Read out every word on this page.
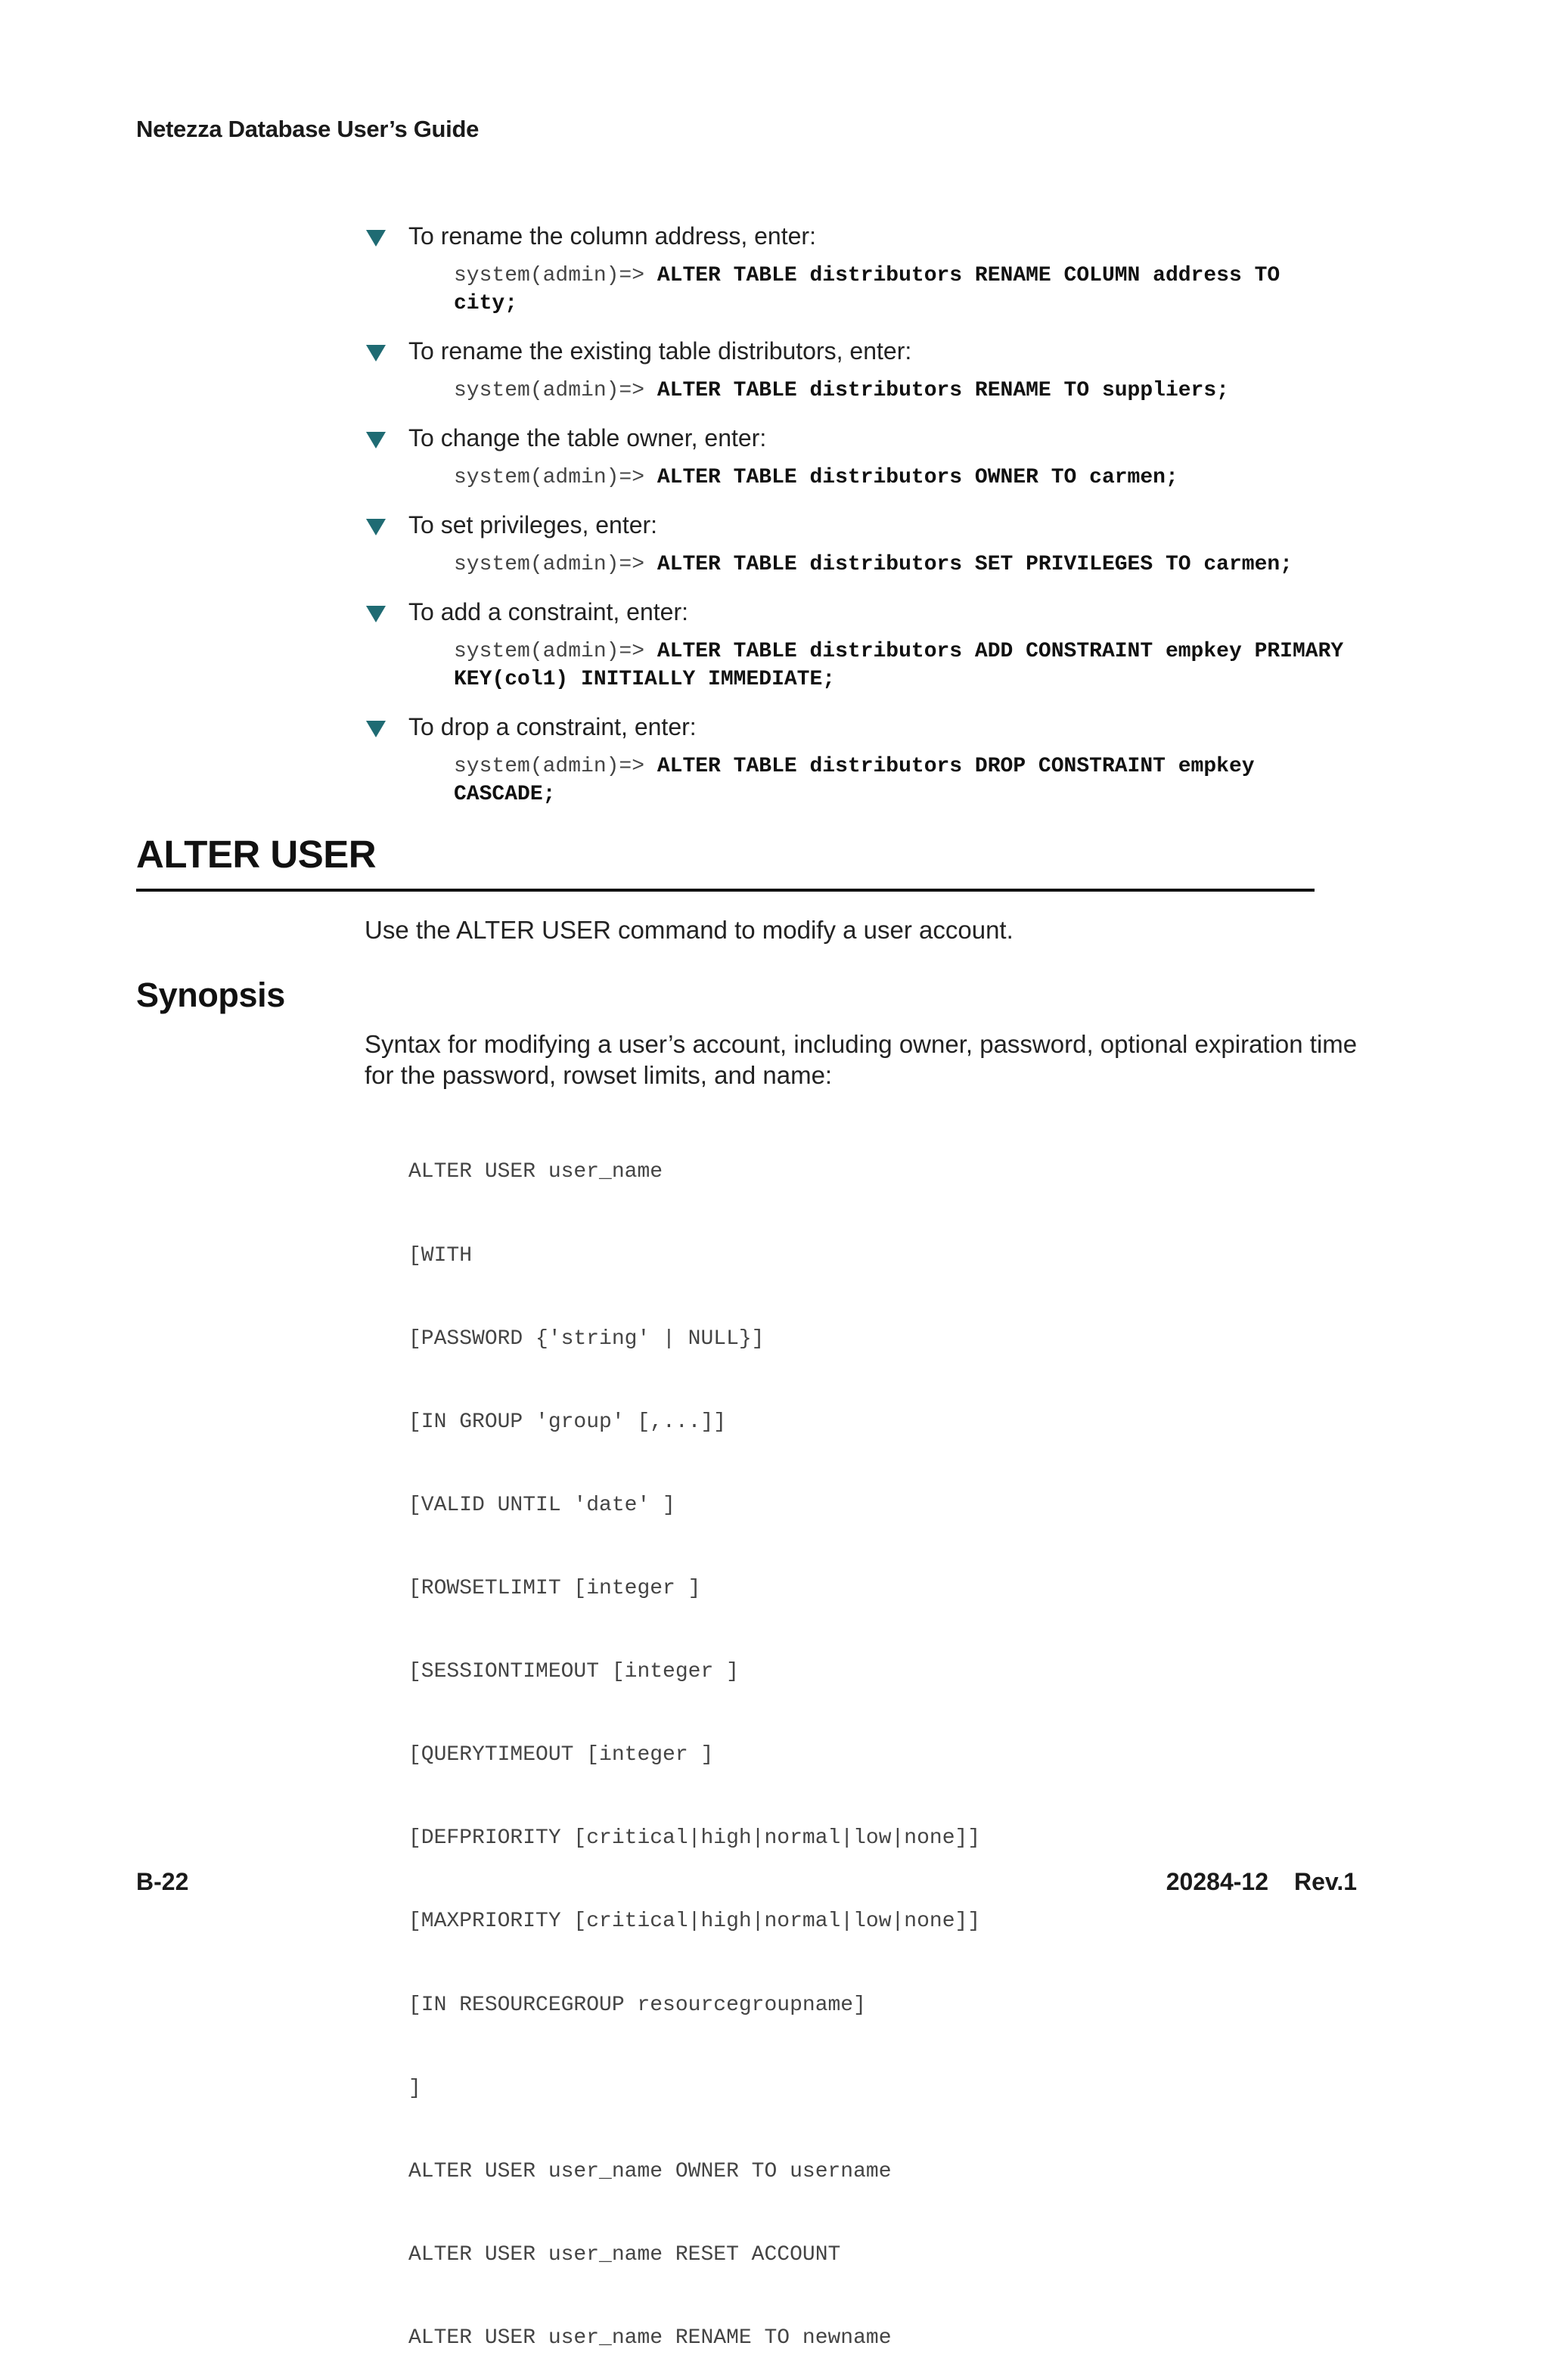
Netezza Database User’s Guide
To rename the column address, enter:
system(admin)=> ALTER TABLE distributors RENAME COLUMN address TO city;
To rename the existing table distributors, enter:
system(admin)=> ALTER TABLE distributors RENAME TO suppliers;
To change the table owner, enter:
system(admin)=> ALTER TABLE distributors OWNER TO carmen;
To set privileges, enter:
system(admin)=> ALTER TABLE distributors SET PRIVILEGES TO carmen;
To add a constraint, enter:
system(admin)=> ALTER TABLE distributors ADD CONSTRAINT empkey PRIMARY KEY(col1) INITIALLY IMMEDIATE;
To drop a constraint, enter:
system(admin)=> ALTER TABLE distributors DROP CONSTRAINT empkey CASCADE;
ALTER USER
Use the ALTER USER command to modify a user account.
Synopsis
Syntax for modifying a user’s account, including owner, password, optional expiration time for the password, rowset limits, and name:

ALTER USER user_name

[WITH

[PASSWORD {'string' | NULL}]

[IN GROUP 'group' [,...]]

[VALID UNTIL 'date' ]

[ROWSETLIMIT [integer ]

[SESSIONTIMEOUT [integer ]

[QUERYTIMEOUT [integer ]

[DEFPRIORITY [critical|high|normal|low|none]]

[MAXPRIORITY [critical|high|normal|low|none]]

[IN RESOURCEGROUP resourcegroupname]

]

ALTER USER user_name OWNER TO username

ALTER USER user_name RESET ACCOUNT

ALTER USER user_name RENAME TO newname

B-22	20284-12 Rev.1
